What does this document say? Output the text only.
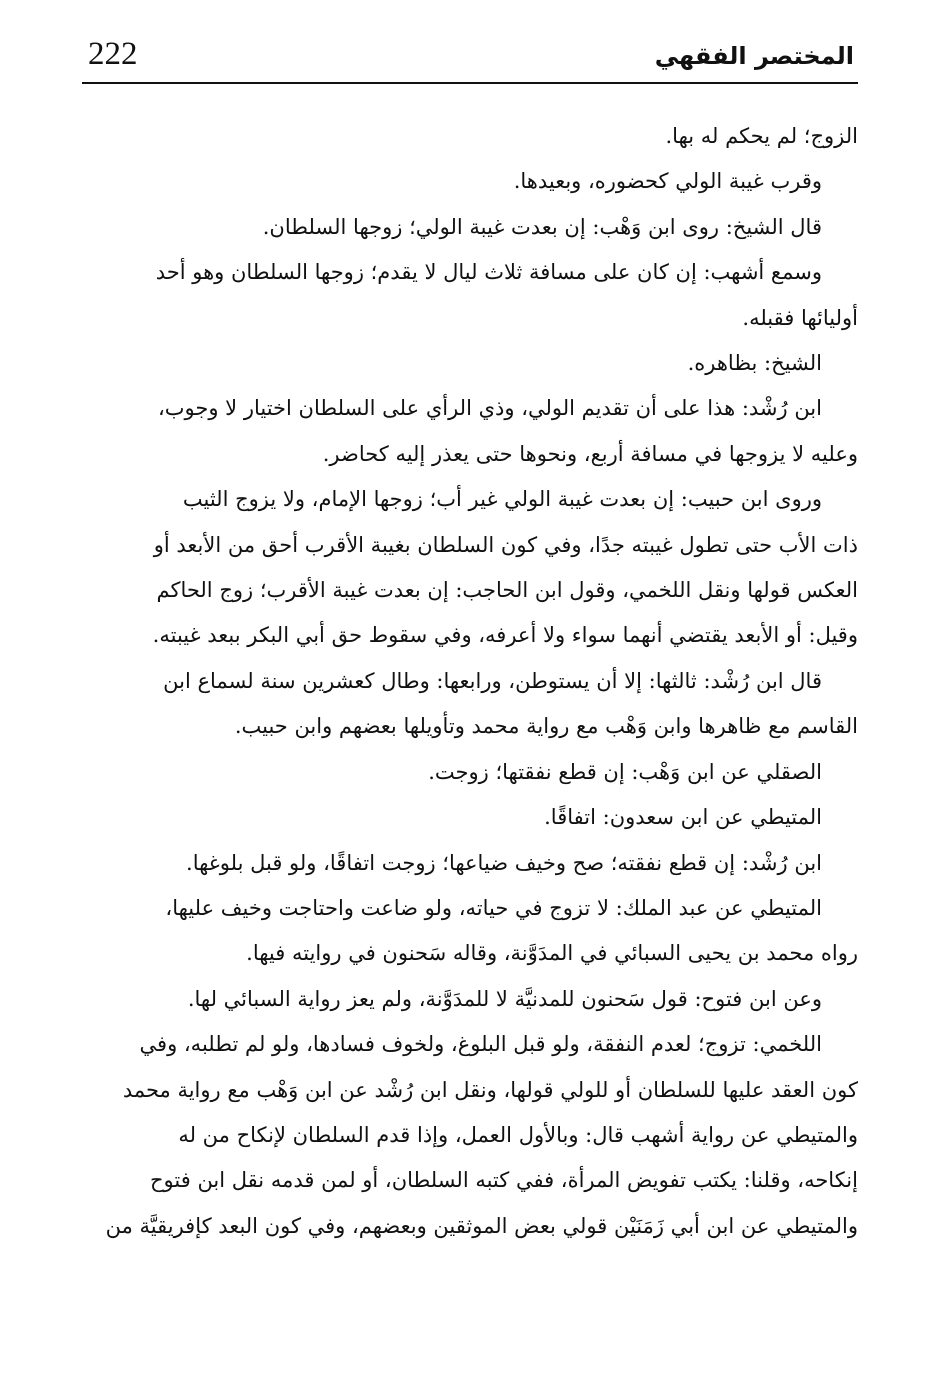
222	المختصر الفقهي
الزوج؛ لم يحكم له بها.
وقرب غيبة الولي كحضوره، وبعيدها.
قال الشيخ: روى ابن وَهْب: إن بعدت غيبة الولي؛ زوجها السلطان.
وسمع أشهب: إن كان على مسافة ثلاث ليال لا يقدم؛ زوجها السلطان وهو أحد
أوليائها فقبله.
الشيخ: بظاهره.
ابن رُشْد: هذا على أن تقديم الولي، وذي الرأي على السلطان اختيار لا وجوب،
وعليه لا يزوجها في مسافة أربع، ونحوها حتى يعذر إليه كحاضر.
وروى ابن حبيب: إن بعدت غيبة الولي غير أب؛ زوجها الإمام، ولا يزوج الثيب
ذات الأب حتى تطول غيبته جدًا، وفي كون السلطان بغيبة الأقرب أحق من الأبعد أو
العكس قولها ونقل اللخمي، وقول ابن الحاجب: إن بعدت غيبة الأقرب؛ زوج الحاكم
وقيل: أو الأبعد يقتضي أنهما سواء ولا أعرفه، وفي سقوط حق أبي البكر ببعد غيبته.
قال ابن رُشْد: ثالثها: إلا أن يستوطن، ورابعها: وطال كعشرين سنة لسماع ابن
القاسم مع ظاهرها وابن وَهْب مع رواية محمد وتأويلها بعضهم وابن حبيب.
الصقلي عن ابن وَهْب: إن قطع نفقتها؛ زوجت.
المتيطي عن ابن سعدون: اتفاقًا.
ابن رُشْد: إن قطع نفقته؛ صح وخيف ضياعها؛ زوجت اتفاقًا، ولو قبل بلوغها.
المتيطي عن عبد الملك: لا تزوج في حياته، ولو ضاعت واحتاجت وخيف عليها،
رواه محمد بن يحيى السبائي في المدَوَّنة، وقاله سَحنون في روايته فيها.
وعن ابن فتوح: قول سَحنون للمدنيَّة لا للمدَوَّنة، ولم يعز رواية السبائي لها.
اللخمي: تزوج؛ لعدم النفقة، ولو قبل البلوغ، ولخوف فسادها، ولو لم تطلبه، وفي
كون العقد عليها للسلطان أو للولي قولها، ونقل ابن رُشْد عن ابن وَهْب مع رواية محمد
والمتيطي عن رواية أشهب قال: وبالأول العمل، وإذا قدم السلطان لإنكاح من له
إنكاحه، وقلنا: يكتب تفويض المرأة، ففي كتبه السلطان، أو لمن قدمه نقل ابن فتوح
والمتيطي عن ابن أبي زَمَنَيْن قولي بعض الموثقين وبعضهم، وفي كون البعد كإفريقيَّة من
